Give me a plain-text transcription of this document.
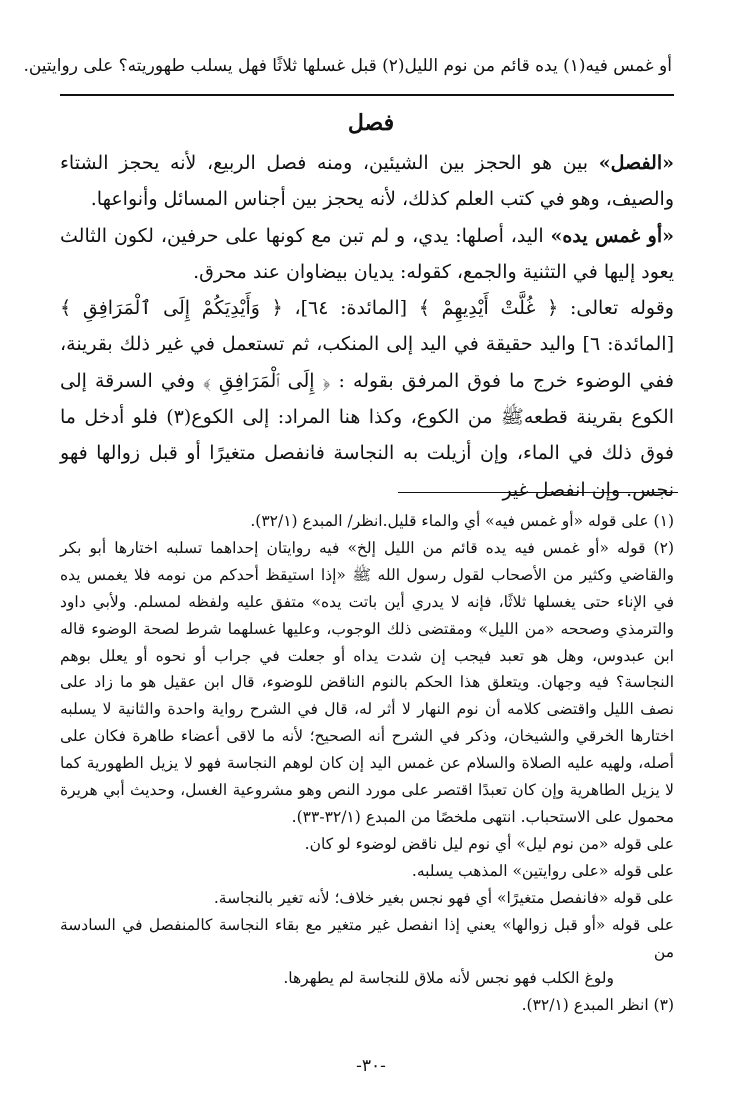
أو غمس فيه(١) يده قائم من نوم الليل(٢) قبل غسلها ثلاثًا فهل يسلب طهوريته؟ على روايتين.
فصل

«الفصل» بين هو الحجز بين الشيئين، ومنه فصل الربيع، لأنه يحجز الشتاء والصيف، وهو في كتب العلم كذلك، لأنه يحجز بين أجناس المسائل وأنواعها.

«أو غمس يده» اليد، أصلها: يدي، و لم تبن مع كونها على حرفين، لكون الثالث يعود إليها في التثنية والجمع، كقوله: يديان بيضاوان عند محرق.

وقوله تعالى: ﴿ غُلَّتْ أَيْدِيهِمْ ﴾ [المائدة: ٦٤]، ﴿ وَأَيْدِيَكُمْ إِلَى ٱلْمَرَافِقِ ﴾ [المائدة: ٦] واليد حقيقة في اليد إلى المنكب، ثم تستعمل في غير ذلك بقرينة، ففي الوضوء خرج ما فوق المرفق بقوله : ﴿ إِلَى ٱلْمَرَافِقِ ﴾ وفي السرقة إلى الكوع بقرينة قطعهﷺ من الكوع، وكذا هنا المراد: إلى الكوع(٣) فلو أدخل ما فوق ذلك في الماء، وإن أزيلت به النجاسة فانفصل متغيرًا أو قبل زوالها فهو نجس. وإن انفصل غير

(١) على قوله «أو غمس فيه» أي والماء قليل.انظر/ المبدع (٣٢/١).

(٢) قوله «أو غمس فيه يده قائم من الليل إلخ» فيه روايتان إحداهما تسلبه اختارها أبو بكر والقاضي وكثير من الأصحاب لقول رسول الله ﷺ «إذا استيقظ أحدكم من نومه فلا يغمس يده في الإناء حتى يغسلها ثلاثًا، فإنه لا يدري أين باتت يده» متفق عليه ولفظه لمسلم. ولأبي داود والترمذي وصححه «من الليل» ومقتضى ذلك الوجوب، وعليها غسلهما شرط لصحة الوضوء قاله ابن عبدوس، وهل هو تعبد فيجب إن شدت يداه أو جعلت في جراب أو نحوه أو يعلل بوهم النجاسة؟ فيه وجهان. ويتعلق هذا الحكم بالنوم الناقض للوضوء، قال ابن عقيل هو ما زاد على نصف الليل واقتضى كلامه أن نوم النهار لا أثر له، قال في الشرح رواية واحدة والثانية لا يسلبه اختارها الخرقي والشيخان، وذكر في الشرح أنه الصحيح؛ لأنه ما لاقى أعضاء طاهرة فكان على أصله، ولهيه عليه الصلاة والسلام عن غمس اليد إن كان لوهم النجاسة فهو لا يزيل الطهورية كما لا يزيل الطاهرية وإن كان تعبدًا اقتصر على مورد النص وهو مشروعية الغسل، وحديث أبي هريرة محمول على الاستحباب. انتهى ملخصًا من المبدع (٣٢/١-٣٣).

على قوله «من نوم ليل» أي نوم ليل ناقض لوضوء لو كان.

على قوله «على روايتين» المذهب يسلبه.

على قوله «فانفصل متغيرًا» أي فهو نجس بغير خلاف؛ لأنه تغير بالنجاسة.

على قوله «أو قبل زوالها» يعني إذا انفصل غير متغير مع بقاء النجاسة كالمنفصل في السادسة من

ولوغ الكلب فهو نجس لأنه ملاق للنجاسة لم يطهرها.

(٣) انظر المبدع (٣٢/١).

-٣٠-
